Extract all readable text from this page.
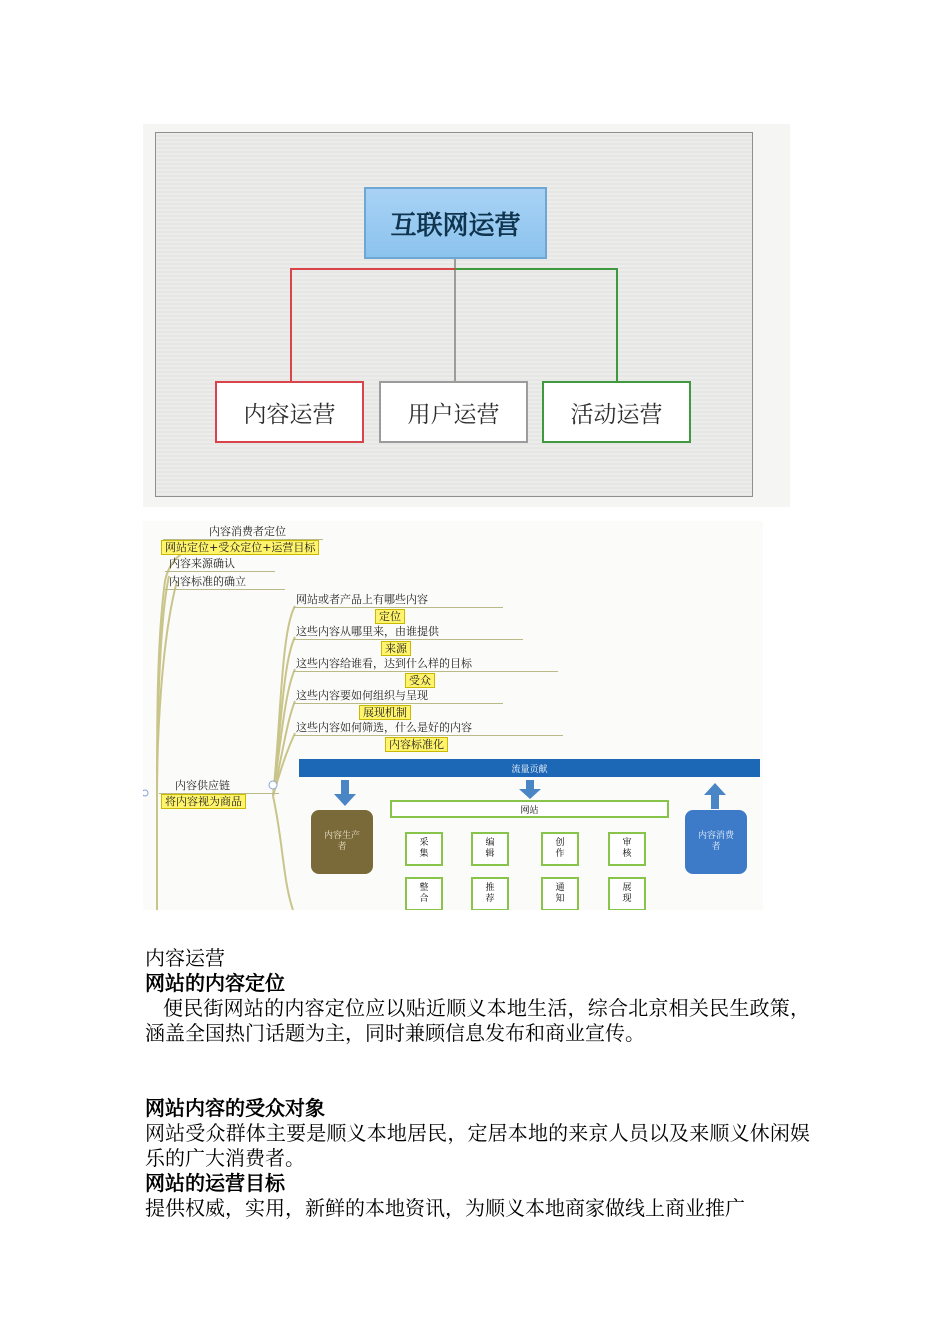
互联网运营
内容运营	用户运营	活动运营
内容消费者定位
网站定位+受众定位+运营目标
内容来源确认
内容标准的确立
网站或者产品上有哪些内容
定位
这些内容从哪里来，由谁提供
来源
这些内容给谁看，达到什么样的目标
受众
这些内容要如何组织与呈现
展现机制
这些内容如何筛选，什么是好的内容
内容标准化
内容供应链
将内容视为商品
流量贡献
网站
内容生产者
内容消费者
采集
编辑
创作
审核
整合
推荐
通知
展现
内容运营
网站的内容定位
便民街网站的内容定位应以贴近顺义本地生活，综合北京相关民生政策，涵盖全国热门话题为主，同时兼顾信息发布和商业宣传。
网站内容的受众对象
网站受众群体主要是顺义本地居民，定居本地的来京人员以及来顺义休闲娱乐的广大消费者。
网站的运营目标
提供权威，实用，新鲜的本地资讯，为顺义本地商家做线上商业推广
